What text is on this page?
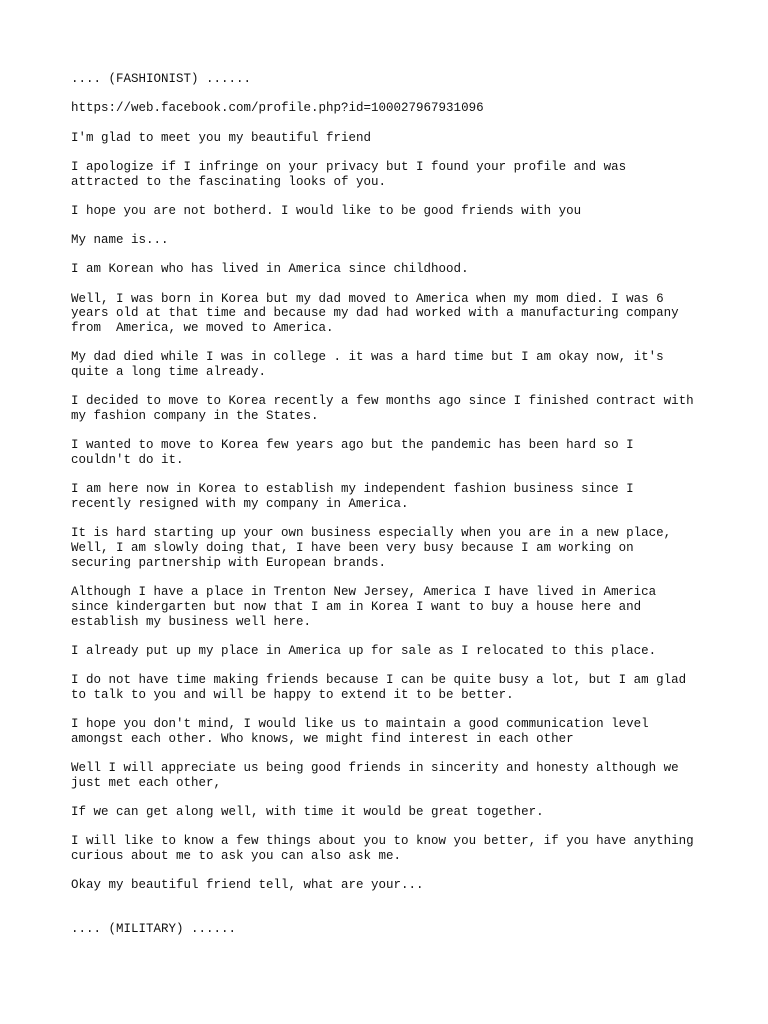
.... (FASHIONIST) ......

https://web.facebook.com/profile.php?id=100027967931096

I'm glad to meet you my beautiful friend

I apologize if I infringe on your privacy but I found your profile and was
attracted to the fascinating looks of you.

I hope you are not botherd. I would like to be good friends with you

My name is...

I am Korean who has lived in America since childhood.

Well, I was born in Korea but my dad moved to America when my mom died. I was 6
years old at that time and because my dad had worked with a manufacturing company
from  America, we moved to America.

My dad died while I was in college . it was a hard time but I am okay now, it's
quite a long time already.

I decided to move to Korea recently a few months ago since I finished contract with
my fashion company in the States.

I wanted to move to Korea few years ago but the pandemic has been hard so I
couldn't do it.

I am here now in Korea to establish my independent fashion business since I
recently resigned with my company in America.

It is hard starting up your own business especially when you are in a new place,
Well, I am slowly doing that, I have been very busy because I am working on
securing partnership with European brands.

Although I have a place in Trenton New Jersey, America I have lived in America
since kindergarten but now that I am in Korea I want to buy a house here and
establish my business well here.

I already put up my place in America up for sale as I relocated to this place.

I do not have time making friends because I can be quite busy a lot, but I am glad
to talk to you and will be happy to extend it to be better.

I hope you don't mind, I would like us to maintain a good communication level
amongst each other. Who knows, we might find interest in each other

Well I will appreciate us being good friends in sincerity and honesty although we
just met each other,

If we can get along well, with time it would be great together.

I will like to know a few things about you to know you better, if you have anything
curious about me to ask you can also ask me.

Okay my beautiful friend tell, what are your...

.... (MILITARY) ......
